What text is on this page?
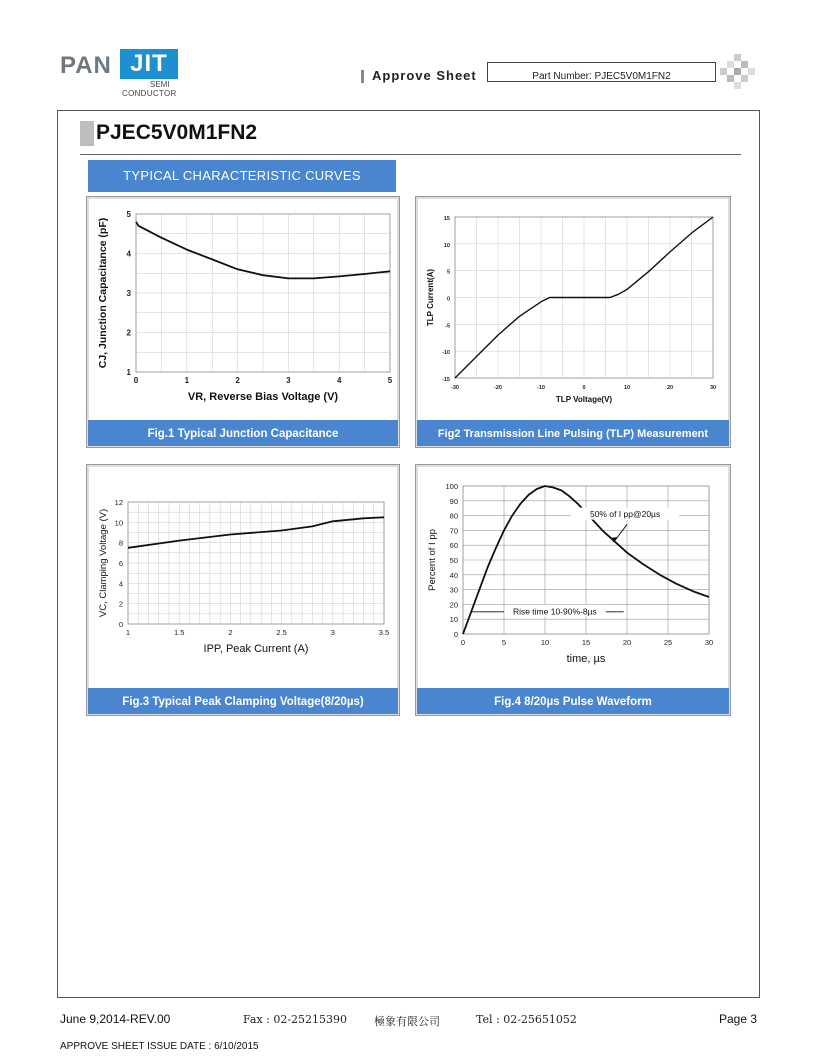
PAN JIT
SEMI
CONDUCTOR
Approve Sheet	Part Number: PJEC5V0M1FN2
PJEC5V0M1FN2
TYPICAL CHARACTERISTIC CURVES
Fig.1 Typical Junction Capacitance	Fig2 Transmission Line Pulsing (TLP) Measurement
Fig.3 Typical Peak Clamping Voltage(8/20µs)	Fig.4 8/20µs Pulse Waveform
0	1	2	3	4	5
1
2
3
4
5
VR, Reverse Bias Voltage (V)
CJ, Junction Capacitance (pF)
-30	-20	-10	0	10	20	30
-15
-10
-5
0
5
10
15
TLP Voltage(V)
TLP Current(A)
1	1.5	2	2.5	3	3.5
0
2
4
6
8
10
12
IPP, Peak Current (A)
VC, Clamping Voltage (V)
0	5	10	15	20	25	30
0
10
20
30
40
50
60
70
80
90
100
time, µs
Percent of I pp
50% of I pp@20µs
Rise time 10-90%-8µs
June 9,2014-REV.00	Fax : 02-25215390 極象有限公司	Tel : 02-25651052	Page 3
APPROVE SHEET ISSUE DATE : 6/10/2015
